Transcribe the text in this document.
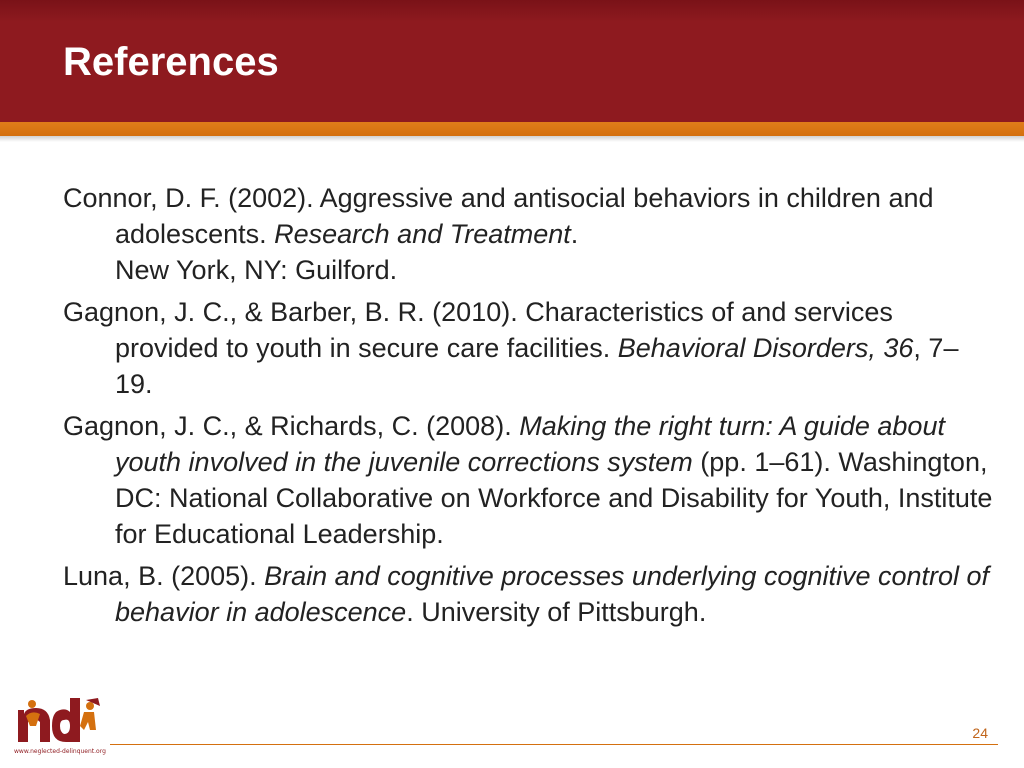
References
Connor, D. F. (2002). Aggressive and antisocial behaviors in children and adolescents. Research and Treatment.
New York, NY: Guilford.
Gagnon, J. C., & Barber, B. R. (2010). Characteristics of and services provided to youth in secure care facilities. Behavioral Disorders, 36, 7–19.
Gagnon, J. C., & Richards, C. (2008). Making the right turn: A guide about youth involved in the juvenile corrections system (pp. 1–61). Washington, DC: National Collaborative on Workforce and Disability for Youth, Institute for Educational Leadership.
Luna, B. (2005). Brain and cognitive processes underlying cognitive control of behavior in adolescence. University of Pittsburgh.
www.neglected-delinquent.org
24
